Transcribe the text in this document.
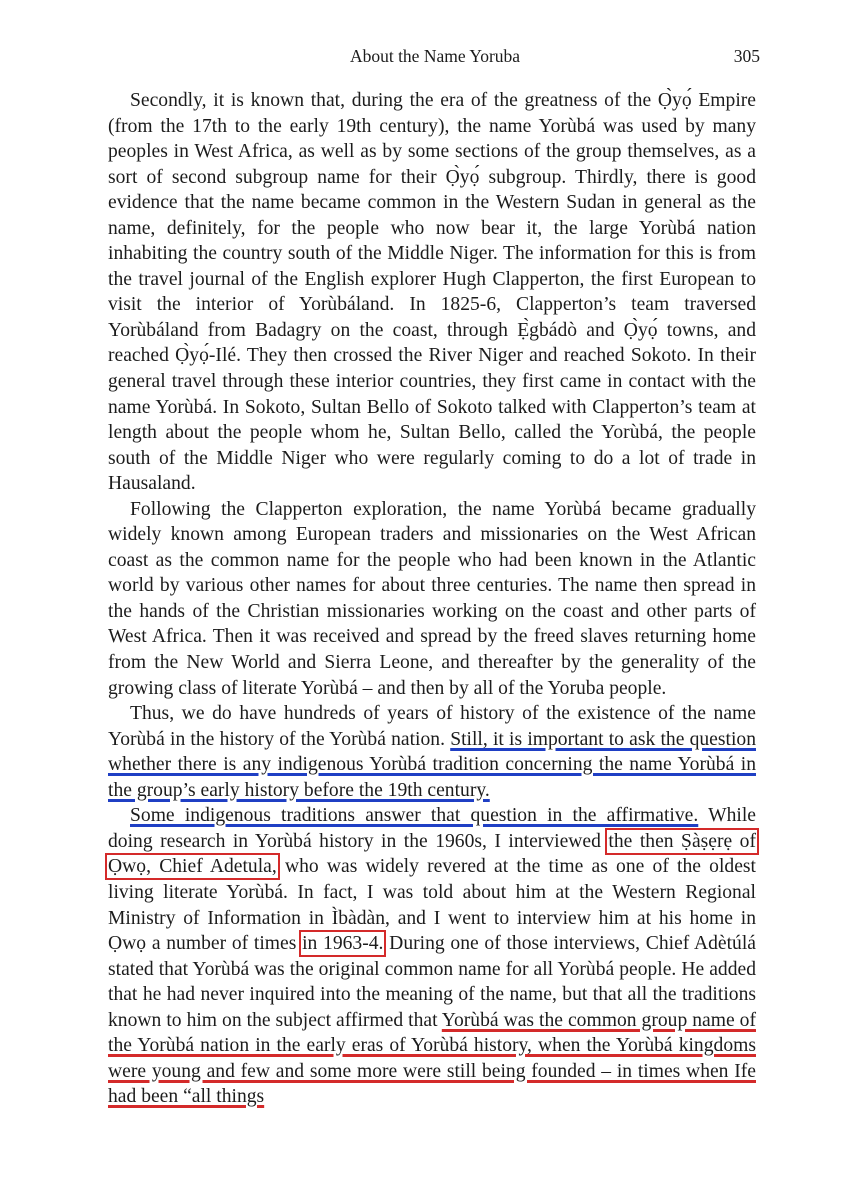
About the Name Yoruba	305

Secondly, it is known that, during the era of the greatness of the Ọ̀yọ́ Empire (from the 17th to the early 19th century), the name Yorùbá was used by many peoples in West Africa, as well as by some sections of the group themselves, as a sort of second subgroup name for their Ọ̀yọ́ subgroup. Thirdly, there is good evidence that the name became common in the Western Sudan in general as the name, definitely, for the people who now bear it, the large Yorùbá nation inhabiting the country south of the Middle Niger. The information for this is from the travel journal of the English explorer Hugh Clapperton, the first European to visit the interior of Yorùbáland. In 1825-6, Clapperton’s team traversed Yorùbáland from Badagry on the coast, through Ẹ̀gbádò and Ọ̀yọ́ towns, and reached Ọ̀yọ́-Ilé. They then crossed the River Niger and reached Sokoto. In their general travel through these interior countries, they first came in contact with the name Yorùbá. In Sokoto, Sultan Bello of Sokoto talked with Clapperton’s team at length about the people whom he, Sultan Bello, called the Yorùbá, the people south of the Middle Niger who were regularly coming to do a lot of trade in Hausaland.

Following the Clapperton exploration, the name Yorùbá became gradually widely known among European traders and missionaries on the West African coast as the common name for the people who had been known in the Atlantic world by various other names for about three centuries. The name then spread in the hands of the Christian missionaries working on the coast and other parts of West Africa. Then it was received and spread by the freed slaves returning home from the New World and Sierra Leone, and thereafter by the generality of the growing class of literate Yorùbá – and then by all of the Yoruba people.

Thus, we do have hundreds of years of history of the existence of the name Yorùbá in the history of the Yorùbá nation. Still, it is important to ask the question whether there is any indigenous Yorùbá tradition concerning the name Yorùbá in the group’s early history before the 19th century.

Some indigenous traditions answer that question in the affirmative. While doing research in Yorùbá history in the 1960s, I interviewed the then Ṣàṣẹrẹ of Ọwọ, Chief Adetula, who was widely revered at the time as one of the oldest living literate Yorùbá. In fact, I was told about him at the Western Regional Ministry of Information in Ìbàdàn, and I went to interview him at his home in Ọwọ a number of times in 1963-4. During one of those interviews, Chief Adètúlá stated that Yorùbá was the original common name for all Yorùbá people. He added that he had never inquired into the meaning of the name, but that all the traditions known to him on the subject affirmed that Yorùbá was the common group name of the Yorùbá nation in the early eras of Yorùbá history, when the Yorùbá kingdoms were young and few and some more were still being founded – in times when Ife had been “all things
